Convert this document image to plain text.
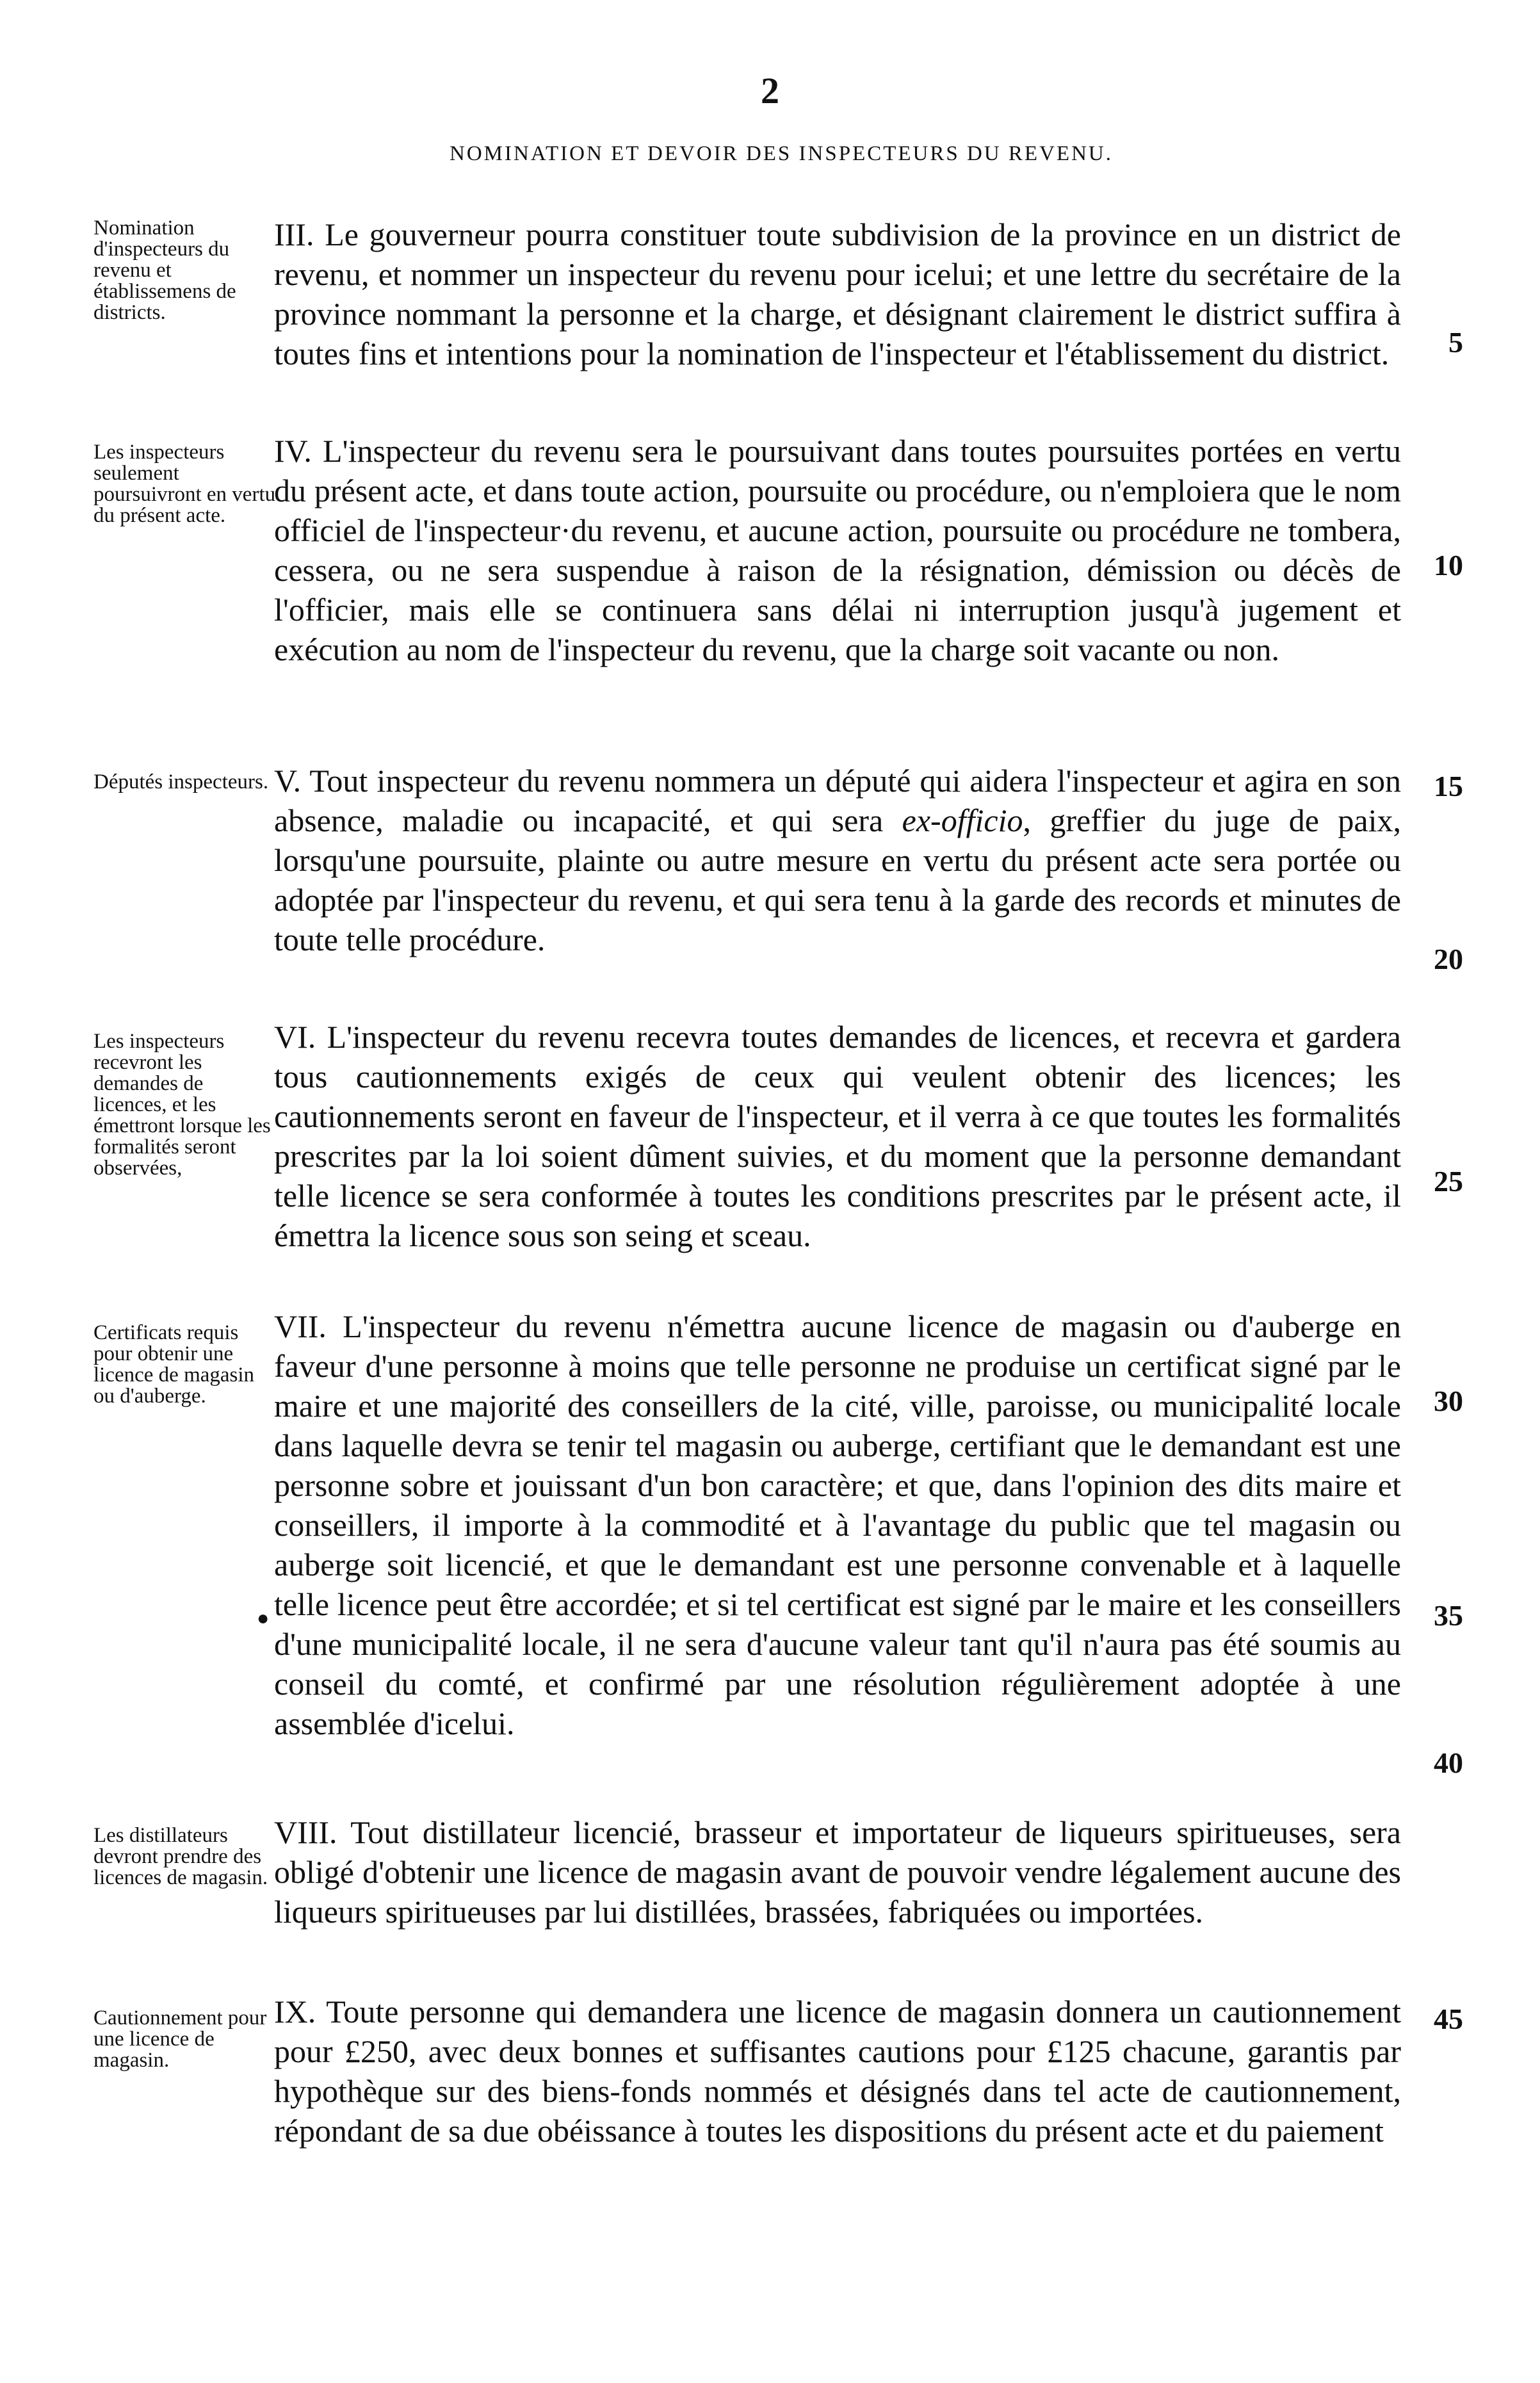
2
NOMINATION ET DEVOIR DES INSPECTEURS DU REVENU.
Nomination d'inspecteurs du revenu et établissemens de districts.

III. Le gouverneur pourra constituer toute subdivision de la province en un district de revenu, et nommer un inspecteur du revenu pour icelui; et une lettre du secrétaire de la province nommant la personne et la charge, et désignant clairement le district suffira à toutes fins et intentions pour la nomination de l'inspecteur et l'établissement du district.

Les inspecteurs seulement poursuivront en vertu du présent acte.

IV. L'inspecteur du revenu sera le poursuivant dans toutes poursuites portées en vertu du présent acte, et dans toute action, poursuite ou procédure, ou n'emploiera que le nom officiel de l'inspecteur·du revenu, et aucune action, poursuite ou procédure ne tombera, cessera, ou ne sera suspendue à raison de la résignation, démission ou décès de l'officier, mais elle se continuera sans délai ni interruption jusqu'à jugement et exécution au nom de l'inspecteur du revenu, que la charge soit vacante ou non.

Députés inspecteurs. V. Tout inspecteur du revenu nommera un député qui aidera l'inspecteur et agira en son absence, maladie ou incapacité, et qui sera ex-officio, greffier du juge de paix, lorsqu'une poursuite, plainte ou autre mesure en vertu du présent acte sera portée ou adoptée par l'inspecteur du revenu, et qui sera tenu à la garde des records et minutes de toute telle procédure.

Les inspecteurs recevront les demandes de licences, et les émettront lorsque les formalités seront observées,

VI. L'inspecteur du revenu recevra toutes demandes de licences, et recevra et gardera tous cautionnements exigés de ceux qui veulent obtenir des licences; les cautionnements seront en faveur de l'inspecteur, et il verra à ce que toutes les formalités prescrites par la loi soient dûment suivies, et du moment que la personne demandant telle licence se sera conformée à toutes les conditions prescrites par le présent acte, il émettra la licence sous son seing et sceau.

Certificats requis pour obtenir une licence de magasin ou d'auberge.

VII. L'inspecteur du revenu n'émettra aucune licence de magasin ou d'auberge en faveur d'une personne à moins que telle personne ne produise un certificat signé par le maire et une majorité des conseillers de la cité, ville, paroisse, ou municipalité locale dans laquelle devra se tenir tel magasin ou auberge, certifiant que le demandant est une personne sobre et jouissant d'un bon caractère; et que, dans l'opinion des dits maire et conseillers, il importe à la commodité et à l'avantage du public que tel magasin ou auberge soit licencié, et que le demandant est une personne convenable et à laquelle telle licence peut être accordée; et si tel certificat est signé par le maire et les conseillers d'une municipalité locale, il ne sera d'aucune valeur tant qu'il n'aura pas été soumis au conseil du comté, et confirmé par une résolution régulièrement adoptée à une assemblée d'icelui.

●
Les distillateurs devront prendre des licences de magasin.

VIII. Tout distillateur licencié, brasseur et importateur de liqueurs spiritueuses, sera obligé d'obtenir une licence de magasin avant de pouvoir vendre légalement aucune des liqueurs spiritueuses par lui distillées, brassées, fabriquées ou importées.

Cautionnement pour une licence de magasin.

IX. Toute personne qui demandera une licence de magasin donnera un cautionnement pour £250, avec deux bonnes et suffisantes cautions pour £125 chacune, garantis par hypothèque sur des biens-fonds nommés et désignés dans tel acte de cautionnement, répondant de sa due obéissance à toutes les dispositions du présent acte et du paiement

5
10
15
20
25
30
35
40
45
